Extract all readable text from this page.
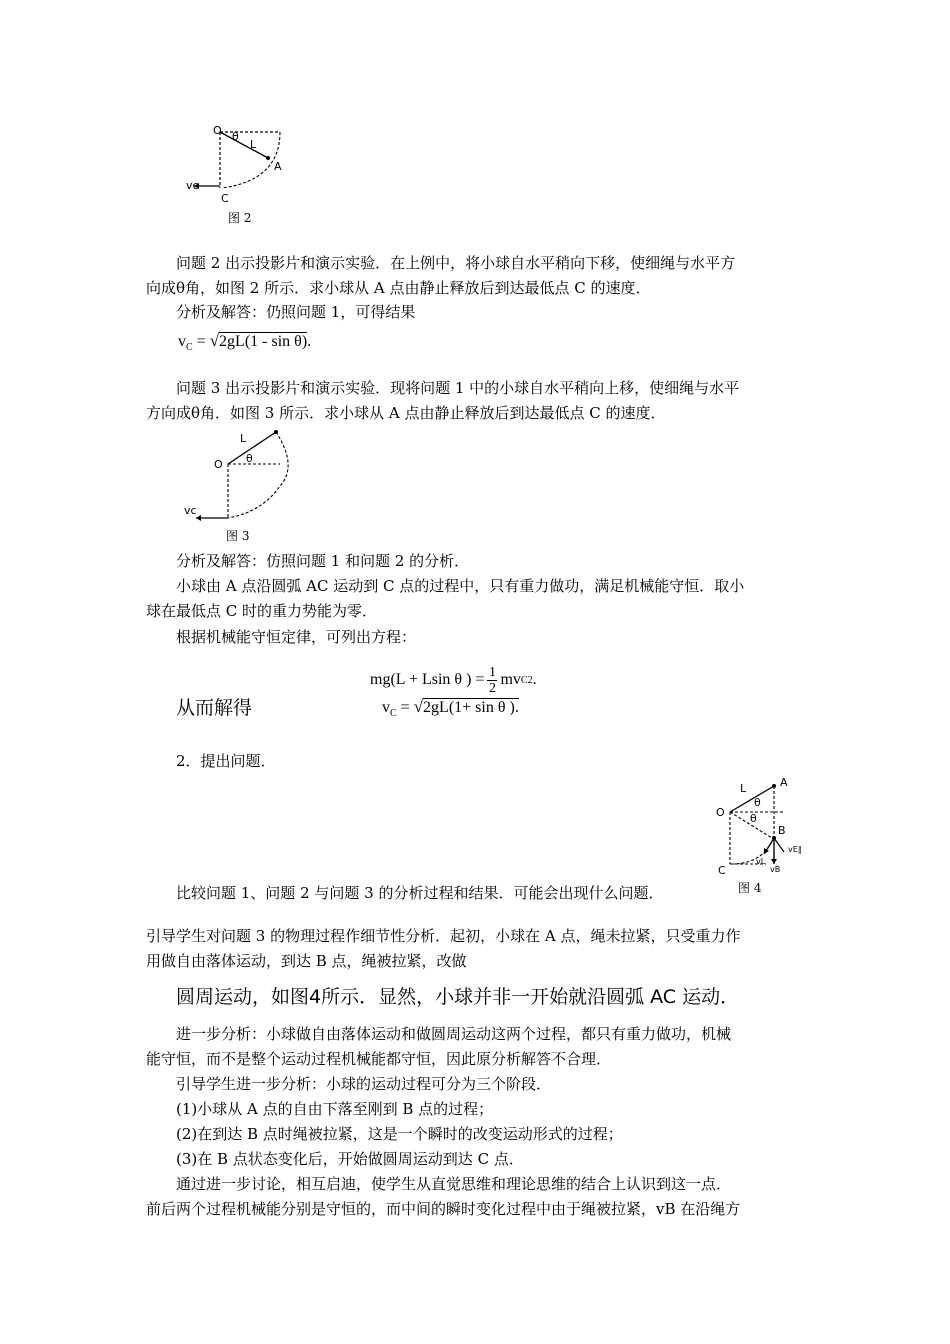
O θ
L
A
vc
C
图 2
问题 2 出示投影片和演示实验．在上例中，将小球自水平稍向下移，使细绳与水平方
向成θ角，如图 2 所示．求小球从 A 点由静止释放后到达最低点 C 的速度．
分析及解答：仍照问题 1，可得结果
$v_C = √2gL(1 - \sin \theta)$.
问题 3 出示投影片和演示实验．现将问题 1 中的小球自水平稍向上移，使细绳与水平
方向成θ角．如图 3 所示．求小球从 A 点由静止释放后到达最低点 C 的速度．
L
O θ
vc
图 3
分析及解答：仿照问题 1 和问题 2 的分析．
小球由 A 点沿圆弧 AC 运动到 C 点的过程中，只有重力做功，满足机械能守恒．取小
球在最低点 C 时的重力势能为零．
根据机械能守恒定律，可列出方程：
mg(L + Lsin θ ) = 1
2 mv C 2 .
从而解得	$v_C = √2gL(1+ \sin \theta$ ).
2．提出问题．
A
L
O
θ
θ
B
vE∥
vL
vB
C
图 4
比较问题 1、问题 2 与问题 3 的分析过程和结果．可能会出现什么问题．
引导学生对问题 3 的物理过程作细节性分析．起初，小球在 A 点，绳未拉紧，只受重力作
用做自由落体运动，到达 B 点，绳被拉紧，改做
圆周运动，如图4所示．显然，小球并非一开始就沿圆弧 AC 运动．
进一步分析：小球做自由落体运动和做圆周运动这两个过程，都只有重力做功，机械
能守恒，而不是整个运动过程机械能都守恒，因此原分析解答不合理．
引导学生进一步分析：小球的运动过程可分为三个阶段．
(1)小球从 A 点的自由下落至刚到 B 点的过程；
(2)在到达 B 点时绳被拉紧，这是一个瞬时的改变运动形式的过程；
(3)在 B 点状态变化后，开始做圆周运动到达 C 点．
通过进一步讨论，相互启迪，使学生从直觉思维和理论思维的结合上认识到这一点．
前后两个过程机械能分别是守恒的，而中间的瞬时变化过程中由于绳被拉紧，vB 在沿绳方
